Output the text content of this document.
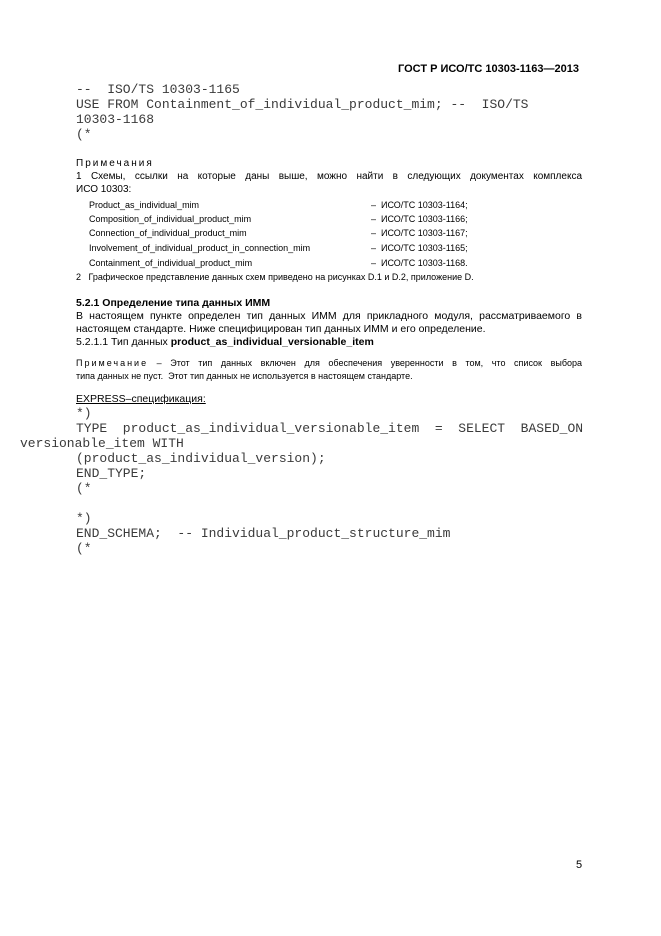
ГОСТ Р ИСО/ТС 10303-1163—2013
--  ISO/TS 10303-1165
USE FROM Containment_of_individual_product_mim; --  ISO/TS
10303-1168
(*
Примечания
1 Схемы, ссылки на которые даны выше, можно найти в следующих документах комплекса
ИСО 10303:
Product_as_individual_mim	–  ИСО/ТС 10303-1164;
Composition_of_individual_product_mim	–  ИСО/ТС 10303-1166;
Connection_of_individual_product_mim	–  ИСО/ТС 10303-1167;
Involvement_of_individual_product_in_connection_mim	–  ИСО/ТС 10303-1165;
Containment_of_individual_product_mim	–  ИСО/ТС 10303-1168.
2   Графическое представление данных схем приведено на рисунках D.1 и D.2, приложение D.
5.2.1 Определение типа данных ИММ
В настоящем пункте определен тип данных ИММ для прикладного модуля, рассматриваемого в
настоящем стандарте. Ниже специфицирован тип данных ИММ и его определение.
5.2.1.1 Тип данных product_as_individual_versionable_item
Примечание – Этот тип данных включен для обеспечения уверенности в том, что список выбора
типа данных не пуст.  Этот тип данных не используется в настоящем стандарте.
EXPRESS–спецификация:
*)
TYPE  product_as_individual_versionable_item  =  SELECT  BASED_ON
versionable_item WITH
(product_as_individual_version);
END_TYPE;
(*
*)
END_SCHEMA;  -- Individual_product_structure_mim
(*
5
